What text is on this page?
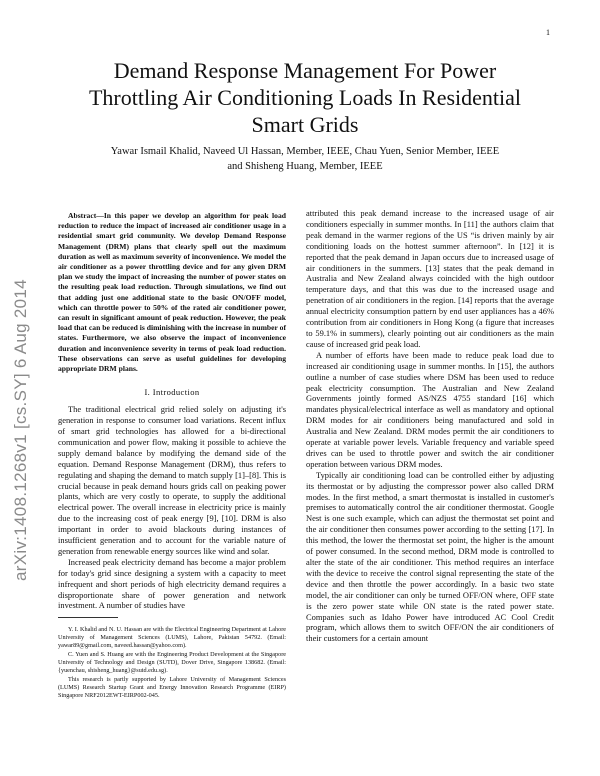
1
arXiv:1408.1268v1 [cs.SY] 6 Aug 2014
Demand Response Management For Power Throttling Air Conditioning Loads In Residential Smart Grids
Yawar Ismail Khalid, Naveed Ul Hassan, Member, IEEE, Chau Yuen, Senior Member, IEEE
and Shisheng Huang, Member, IEEE

Abstract—In this paper we develop an algorithm for peak load reduction to reduce the impact of increased air conditioner usage in a residential smart grid community. We develop Demand Response Management (DRM) plans that clearly spell out the maximum duration as well as maximum severity of inconvenience. We model the air conditioner as a power throttling device and for any given DRM plan we study the impact of increasing the number of power states on the resulting peak load reduction. Through simulations, we find out that adding just one additional state to the basic ON/OFF model, which can throttle power to 50% of the rated air conditioner power, can result in significant amount of peak reduction. However, the peak load that can be reduced is diminishing with the increase in number of states. Furthermore, we also observe the impact of inconvenience duration and inconvenience severity in terms of peak load reduction. These observations can serve as useful guidelines for developing appropriate DRM plans.

I. Introduction

The traditional electrical grid relied solely on adjusting it's generation in response to consumer load variations. Recent influx of smart grid technologies has allowed for a bi-directional communication and power flow, making it possible to achieve the supply demand balance by modifying the demand side of the equation. Demand Response Management (DRM), thus refers to regulating and shaping the demand to match supply [1]–[8]. This is crucial because in peak demand hours grids call on peaking power plants, which are very costly to operate, to supply the additional electrical power. The overall increase in electricity price is mainly due to the increasing cost of peak energy [9], [10]. DRM is also important in order to avoid blackouts during instances of insufficient generation and to account for the variable nature of generation from renewable energy sources like wind and solar.

Increased peak electricity demand has become a major problem for today's grid since designing a system with a capacity to meet infrequent and short periods of high electricity demand requires a disproportionate share of power generation and network investment. A number of studies have

Y. I. Khalid and N. U. Hassan are with the Electrical Engineering Department at Lahore University of Management Sciences (LUMS), Lahore, Pakistan 54792. (Email: yawar89@gmail.com, naveed.hassan@yahoo.com).

C. Yuen and S. Huang are with the Engineering Product Development at the Singapore University of Technology and Design (SUTD), Dover Drive, Singapore 138682. (Email: {yuenchau, shisheng_huang}@sutd.edu.sg).

This research is partly supported by Lahore University of Management Sciences (LUMS) Research Startup Grant and Energy Innovation Research Programme (EIRP) Singapore NRF2012EWT-EIRP002-045.

attributed this peak demand increase to the increased usage of air conditioners especially in summer months. In [11] the authors claim that peak demand in the warmer regions of the US “is driven mainly by air conditioning loads on the hottest summer afternoon”. In [12] it is reported that the peak demand in Japan occurs due to increased usage of air conditioners in the summers. [13] states that the peak demand in Australia and New Zealand always coincided with the high outdoor temperature days, and that this was due to the increased usage and penetration of air conditioners in the region. [14] reports that the average annual electricity consumption pattern by end user appliances has a 46% contribution from air conditioners in Hong Kong (a figure that increases to 59.1% in summers), clearly pointing out air conditioners as the main cause of increased grid peak load.

A number of efforts have been made to reduce peak load due to increased air conditioning usage in summer months. In [15], the authors outline a number of case studies where DSM has been used to reduce peak electricity consumption. The Australian and New Zealand Governments jointly formed AS/NZS 4755 standard [16] which mandates physical/electrical interface as well as mandatory and optional DRM modes for air conditioners being manufactured and sold in Australia and New Zealand. DRM modes permit the air conditioners to operate at variable power levels. Variable frequency and variable speed drives can be used to throttle power and switch the air conditioner operation between various DRM modes.

Typically air conditioning load can be controlled either by adjusting its thermostat or by adjusting the compressor power also called DRM modes. In the first method, a smart thermostat is installed in customer's premises to automatically control the air conditioner thermostat. Google Nest is one such example, which can adjust the thermostat set point and the air conditioner then consumes power according to the setting [17]. In this method, the lower the thermostat set point, the higher is the amount of power consumed. In the second method, DRM mode is controlled to alter the state of the air conditioner. This method requires an interface with the device to receive the control signal representing the state of the device and then throttle the power accordingly. In a basic two state model, the air conditioner can only be turned OFF/ON where, OFF state is the zero power state while ON state is the rated power state. Companies such as Idaho Power have introduced AC Cool Credit program, which allows them to switch OFF/ON the air conditioners of their customers for a certain amount
